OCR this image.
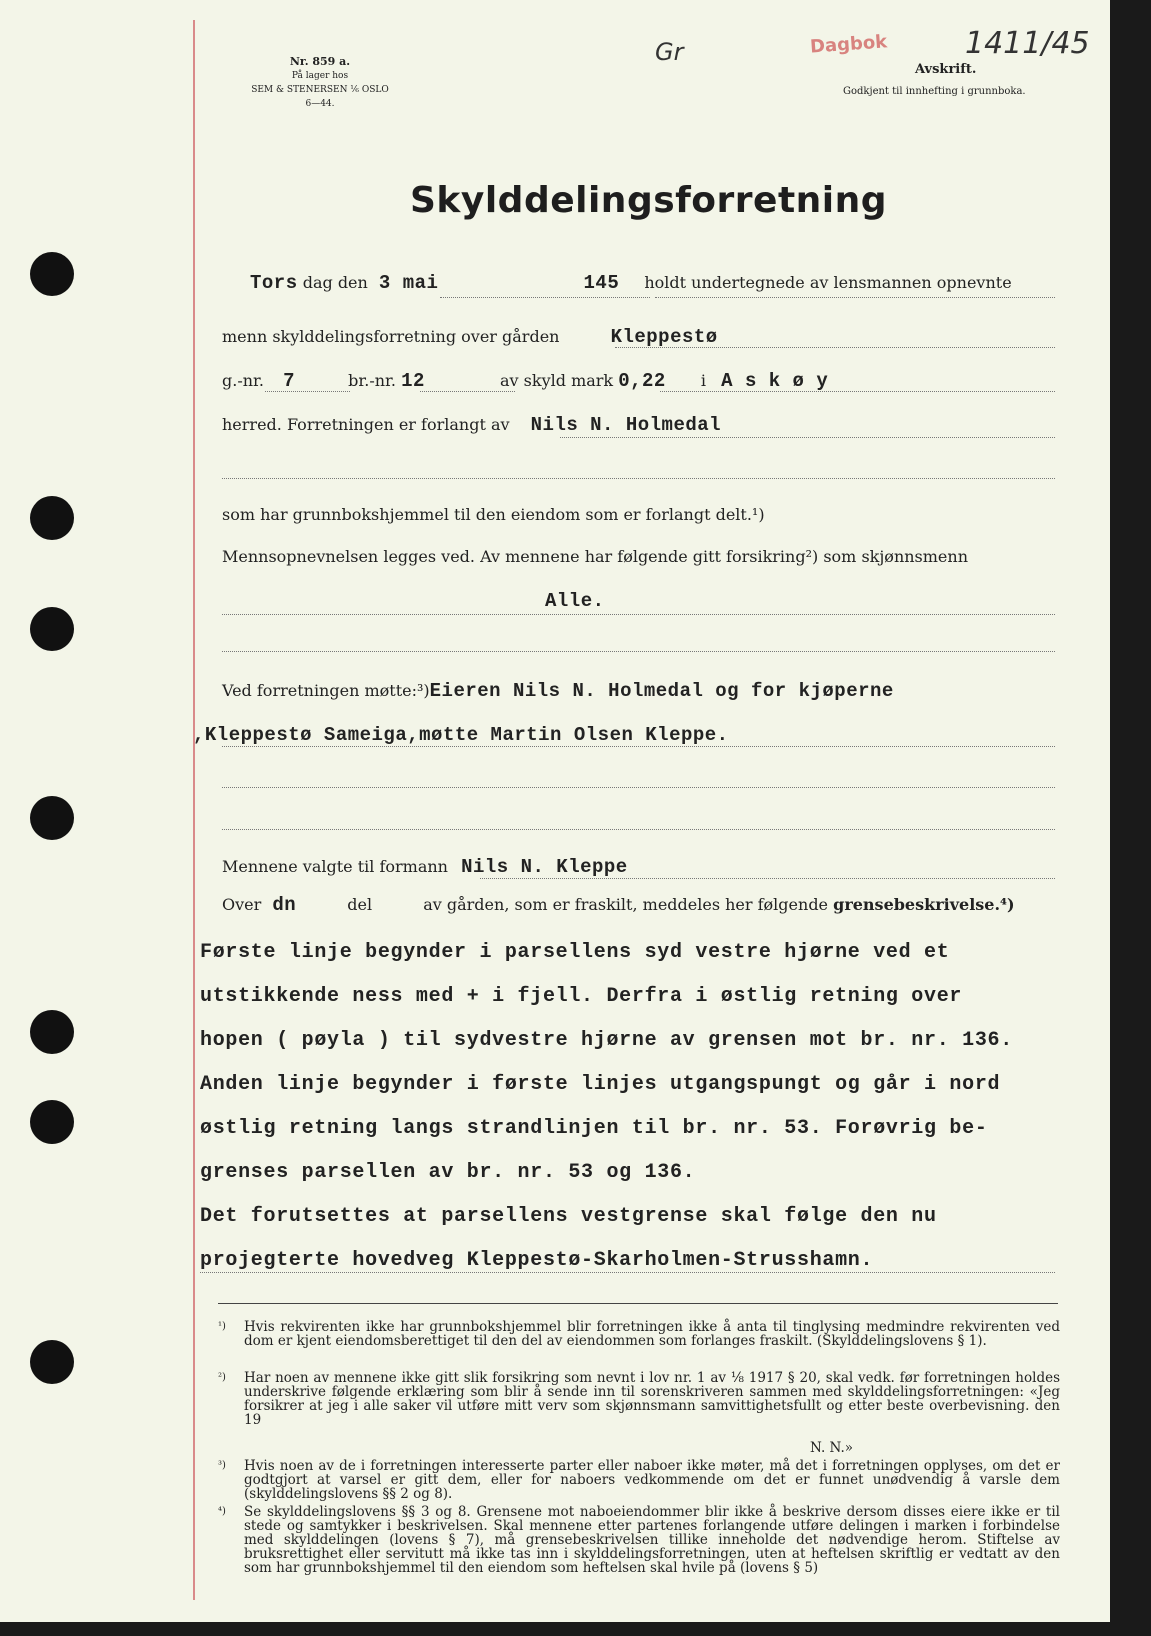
Nr. 859 a.
På lager hos
SEM & STENERSEN ⅙ OSLO
6—44.
Gr	Dagbok	1411/45
Avskrift.
Godkjent til innhefting i grunnboka.
Skylddelingsforretning
Tors dag den 3 mai	145 holdt undertegnede av lensmannen opnevnte
menn skylddelingsforretning over gården	Kleppestø
g.-nr. 7	br.-nr. 12	av skyld mark 0,22 i A s k ø y
herred. Forretningen er forlangt av Nils N. Holmedal
som har grunnbokshjemmel til den eiendom som er forlangt delt.¹)
Mennsopnevnelsen legges ved. Av mennene har følgende gitt forsikring²) som skjønnsmenn
Alle.
Ved forretningen møtte:³)Eieren Nils N. Holmedal og for kjøperne
,Kleppestø Sameiga,møtte Martin Olsen Kleppe.
Mennene valgte til formann Nils N. Kleppe
Over dn	del	av gården, som er fraskilt, meddeles her følgende grensebeskrivelse.⁴)
Første linje begynder i parsellens syd vestre hjørne ved et
utstikkende ness med + i fjell. Derfra i østlig retning over
hopen ( pøyla ) til sydvestre hjørne av grensen mot br. nr. 136.
Anden linje begynder i første linjes utgangspungt og går i nord
østlig retning langs strandlinjen til br. nr. 53. Forøvrig be-
grenses parsellen av br. nr. 53 og 136.
Det forutsettes at parsellens vestgrense skal følge den nu
projegterte hovedveg Kleppestø-Skarholmen-Strusshamn.
¹) Hvis rekvirenten ikke har grunnbokshjemmel blir forretningen ikke å anta til tinglysing medmindre rekvirenten ved dom er kjent eiendomsberettiget til den del av eiendommen som forlanges fraskilt. (Skylddelingslovens § 1).
²) Har noen av mennene ikke gitt slik forsikring som nevnt i lov nr. 1 av ⅛ 1917 § 20, skal vedk. før forretningen holdes underskrive følgende erklæring som blir å sende inn til sorenskriveren sammen med skylddelingsforretningen: «Jeg forsikrer at jeg i alle saker vil utføre mitt verv som skjønnsmann samvittighetsfullt og etter beste overbevisning. den 19
N. N.»
³) Hvis noen av de i forretningen interesserte parter eller naboer ikke møter, må det i forretningen opplyses, om det er godtgjort at varsel er gitt dem, eller for naboers vedkommende om det er funnet unødvendig å varsle dem (skylddelingslovens §§ 2 og 8).
⁴) Se skylddelingslovens §§ 3 og 8. Grensene mot naboeiendommer blir ikke å beskrive dersom disses eiere ikke er til stede og samtykker i beskrivelsen. Skal mennene etter partenes forlangende utføre delingen i marken i forbindelse med skylddelingen (lovens § 7), må grensebeskrivelsen tillike inneholde det nødvendige herom. Stiftelse av bruksrettighet eller servitutt må ikke tas inn i skylddelingsforretningen, uten at heftelsen skriftlig er vedtatt av den som har grunnbokshjemmel til den eiendom som heftelsen skal hvile på (lovens § 5)
